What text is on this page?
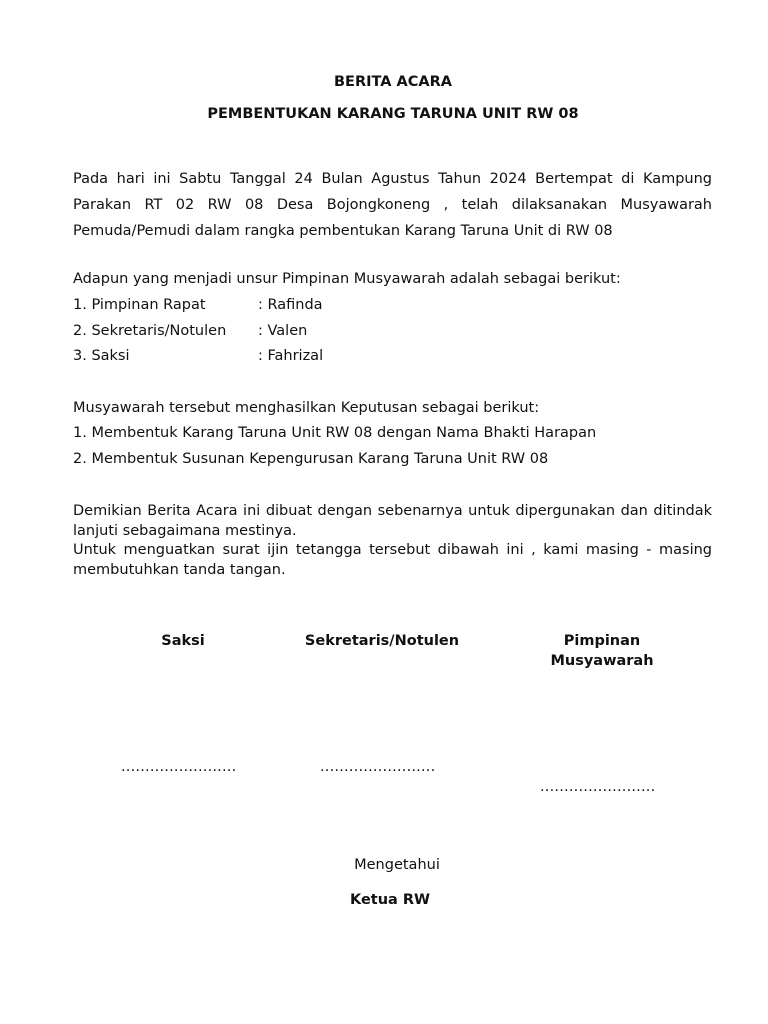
BERITA ACARA
PEMBENTUKAN KARANG TARUNA UNIT RW 08
Pada hari ini Sabtu Tanggal 24 Bulan Agustus Tahun 2024 Bertempat di Kampung Parakan RT 02 RW 08 Desa Bojongkoneng , telah dilaksanakan Musyawarah Pemuda/Pemudi dalam rangka pembentukan Karang Taruna Unit di RW 08
Adapun yang menjadi unsur Pimpinan Musyawarah adalah sebagai berikut:
1. Pimpinan Rapat	: Rafinda
2. Sekretaris/Notulen : Valen
3. Saksi	: Fahrizal
Musyawarah tersebut menghasilkan Keputusan sebagai berikut:
1. Membentuk Karang Taruna Unit RW 08 dengan Nama Bhakti Harapan
2. Membentuk Susunan Kepengurusan Karang Taruna Unit RW 08
Demikian Berita Acara ini dibuat dengan sebenarnya untuk dipergunakan dan ditindak lanjuti sebagaimana mestinya.
Untuk menguatkan surat ijin tetangga tersebut dibawah ini , kami masing - masing membutuhkan tanda tangan.
Saksi	Sekretaris/Notulen	Pimpinan
Musyawarah
........................	........................
........................
Mengetahui
Ketua RW
